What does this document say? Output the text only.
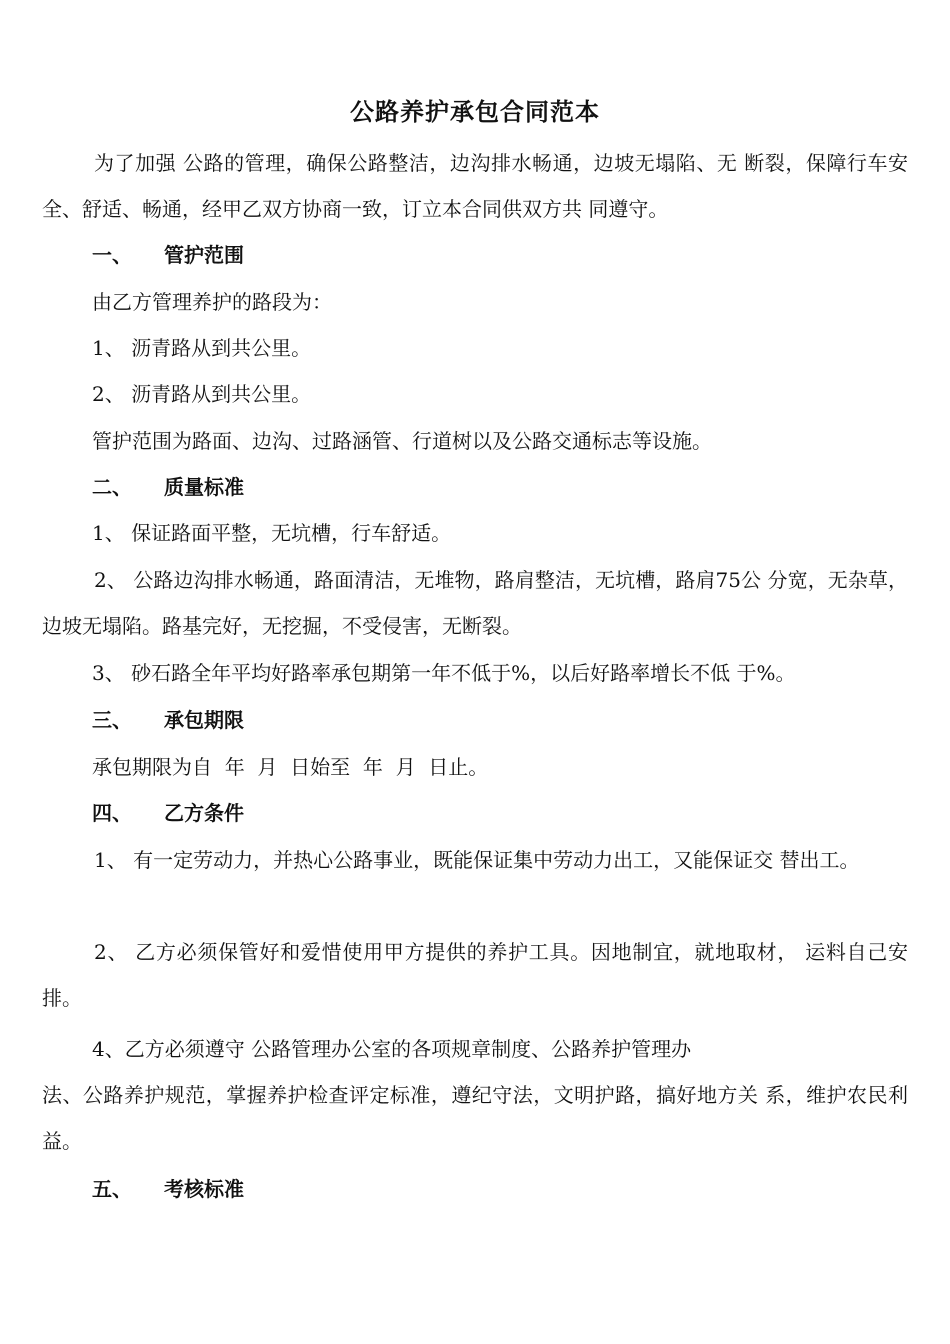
公路养护承包合同范本
为了加强 公路的管理，确保公路整洁，边沟排水畅通，边坡无塌陷、无 断裂，保障行车安全、舒适、畅通，经甲乙双方协商一致，订立本合同供双方共 同遵守。
一、 管护范围
由乙方管理养护的路段为：
1、 沥青路从到共公里。
2、 沥青路从到共公里。
管护范围为路面、边沟、过路涵管、行道树以及公路交通标志等设施。
二、 质量标准
1、 保证路面平整，无坑槽，行车舒适。
2、 公路边沟排水畅通，路面清洁，无堆物，路肩整洁，无坑槽，路肩75公 分宽，无杂草，边坡无塌陷。路基完好，无挖掘，不受侵害，无断裂。
3、 砂石路全年平均好路率承包期第一年不低于%，以后好路率增长不低 于%。
三、 承包期限
承包期限为自  年  月  日始至  年  月  日止。
四、 乙方条件
1、 有一定劳动力，并热心公路事业，既能保证集中劳动力出工，又能保证交 替出工。
2、 乙方必须保管好和爱惜使用甲方提供的养护工具。因地制宜，就地取材， 运料自己安排。
4、乙方必须遵守 公路管理办公室的各项规章制度、公路养护管理办
法、公路养护规范，掌握养护检查评定标准，遵纪守法，文明护路，搞好地方关 系，维护农民利益。
五、 考核标准
